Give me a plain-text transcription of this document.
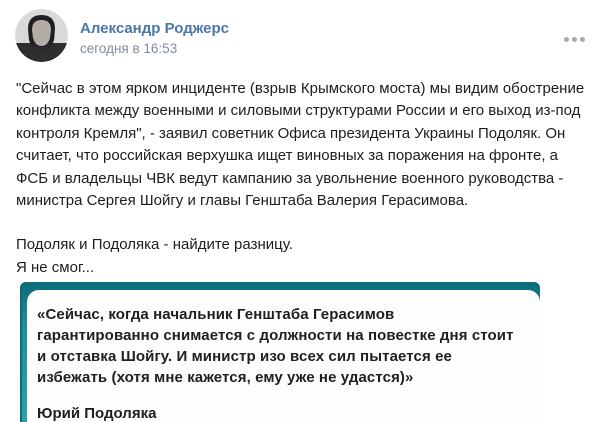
Александр Роджерс
сегодня в 16:53
"Сейчас в этом ярком инциденте (взрыв Крымского моста) мы видим обострение конфликта между военными и силовыми структурами России и его выход из-под контроля Кремля", - заявил советник Офиса президента Украины Подоляк. Он считает, что российская верхушка ищет виновных за поражения на фронте, а ФСБ и владельцы ЧВК ведут кампанию за увольнение военного руководства - министра Сергея Шойгу и главы Генштаба Валерия Герасимова.
Подоляк и Подоляка - найдите разницу.
Я не смог...
«Сейчас, когда начальник Генштаба Герасимов гарантированно снимается с должности на повестке дня стоит и отставка Шойгу. И министр изо всех сил пытается ее избежать (хотя мне кажется, ему уже не удастся)»
Юрий Подоляка
